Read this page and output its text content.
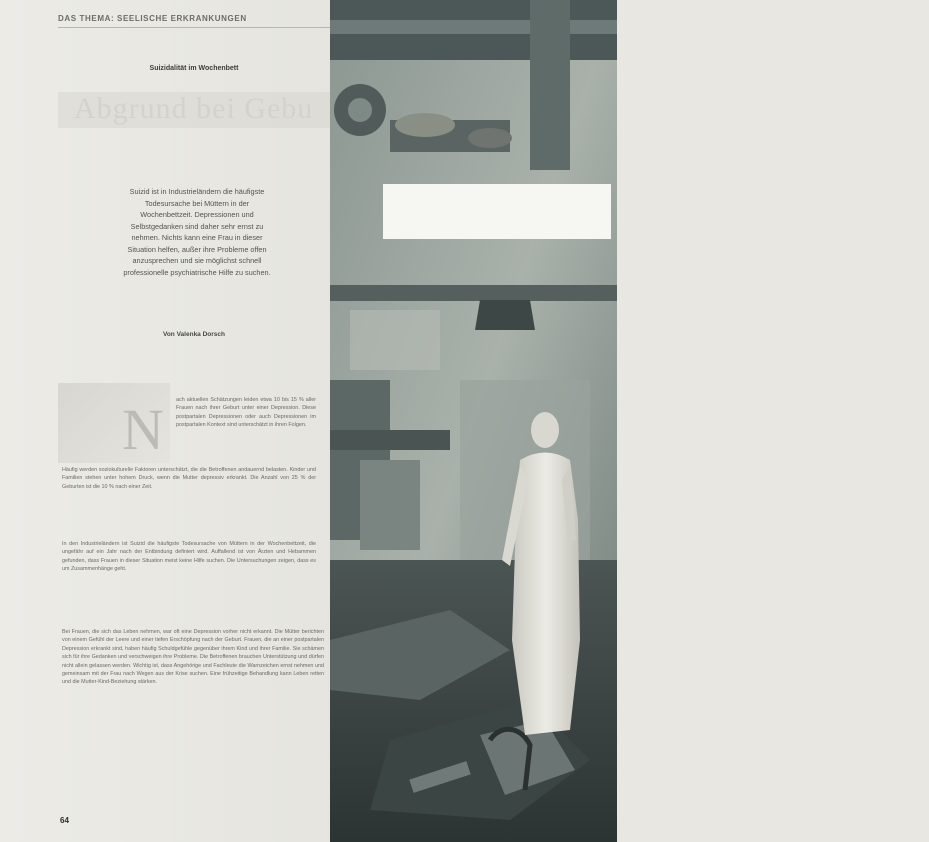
DAS THEMA: SEELISCHE ERKRANKUNGEN
Suizidalität im Wochenbett
Abgrund bei Gebu
Suizid ist in Industrieländern die häufigste Todesursache bei Müttern in der Wochenbettzeit. Depressionen und Selbstgedanken sind daher sehr ernst zu nehmen. Nichts kann eine Frau in dieser Situation helfen, außer ihre Probleme offen anzusprechen und sie möglichst schnell professionelle psychiatrische Hilfe zu suchen.
Von Valenka Dorsch
N ach aktuellen Schätzungen leiden etwa 10 bis 15 % aller Frauen nach ihrer Geburt unter einer Depression. Diese postpartalen Depressionen oder auch Depressionen im postpartalen Kontext sind unterschätzt in ihren Folgen.
Häufig werden soziokulturelle Faktoren unterschätzt, die die Betroffenen andauernd belasten. Kinder und Familien stehen unter hohem Druck, wenn die Mutter depressiv erkrankt. Die Anzahl von 25 % der Geburten ist die 10 % nach einer Zeit.
In den Industrieländern ist Suizid die häufigste Todesursache von Müttern in der Wochenbettzeit, die ungefähr auf ein Jahr nach der Entbindung definiert wird. Auffallend ist von Ärzten und Hebammen gefunden, dass Frauen in dieser Situation meist keine Hilfe suchen. Die Untersuchungen zeigen, dass es um Zusammenhänge geht.
Bei Frauen, die sich das Leben nehmen, war oft eine Depression vorher nicht erkannt. Die Mütter berichten von einem Gefühl der Leere und einer tiefen Erschöpfung nach der Geburt. Frauen, die an einer postpartalen Depression erkrankt sind, haben häufig Schuldgefühle gegenüber ihrem Kind und ihrer Familie. Sie schämen sich für ihre Gedanken und verschweigen ihre Probleme. Die Betroffenen brauchen Unterstützung und dürfen nicht allein gelassen werden. Wichtig ist, dass Angehörige und Fachleute die Warnzeichen ernst nehmen und gemeinsam mit der Frau nach Wegen aus der Krise suchen. Eine frühzeitige Behandlung kann Leben retten und die Mutter-Kind-Beziehung stärken.
64
FOTO: PHOTOCASE
